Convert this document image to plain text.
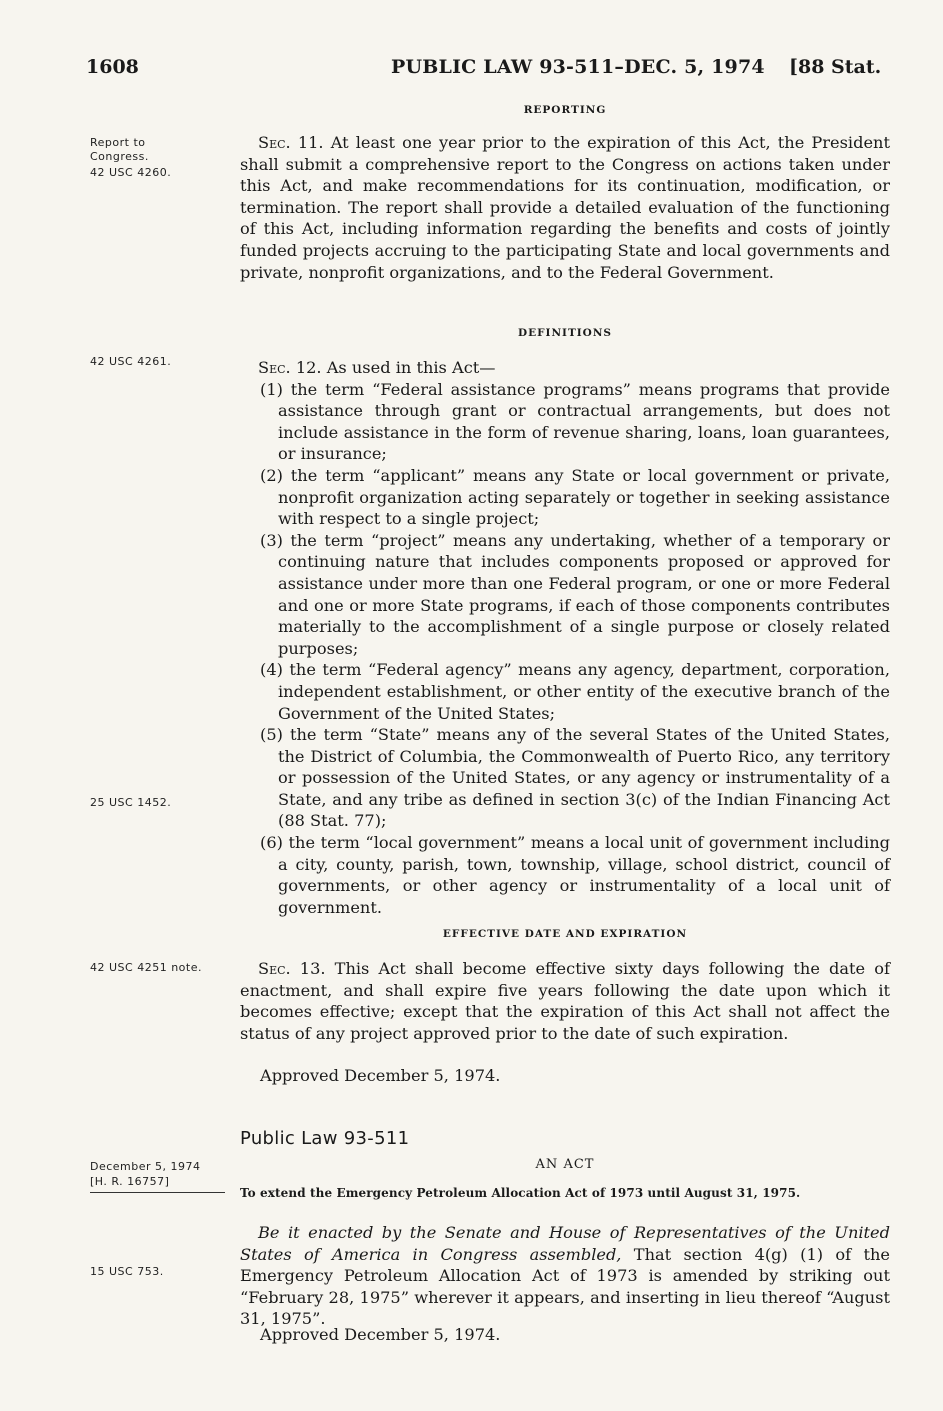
1608	PUBLIC LAW 93-511–DEC. 5, 1974 [88 Stat.
Report to Congress.
42 USC 4260.
REPORTING

Sec. 11. At least one year prior to the expiration of this Act, the President shall submit a comprehensive report to the Congress on actions taken under this Act, and make recommendations for its continuation, modification, or termination. The report shall provide a detailed evaluation of the functioning of this Act, including information regarding the benefits and costs of jointly funded projects accruing to the participating State and local governments and private, nonprofit organizations, and to the Federal Government.

DEFINITIONS
42 USC 4261.
25 USC 1452.

Sec. 12. As used in this Act—

(1) the term “Federal assistance programs” means programs that provide assistance through grant or contractual arrangements, but does not include assistance in the form of revenue sharing, loans, loan guarantees, or insurance;

(2) the term “applicant” means any State or local government or private, nonprofit organization acting separately or together in seeking assistance with respect to a single project;

(3) the term “project” means any undertaking, whether of a temporary or continuing nature that includes components proposed or approved for assistance under more than one Federal program, or one or more Federal and one or more State programs, if each of those components contributes materially to the accomplishment of a single purpose or closely related purposes;

(4) the term “Federal agency” means any agency, department, corporation, independent establishment, or other entity of the executive branch of the Government of the United States;

(5) the term “State” means any of the several States of the United States, the District of Columbia, the Commonwealth of Puerto Rico, any territory or possession of the United States, or any agency or instrumentality of a State, and any tribe as defined in section 3(c) of the Indian Financing Act (88 Stat. 77);

(6) the term “local government” means a local unit of government including a city, county, parish, town, township, village, school district, council of governments, or other agency or instrumentality of a local unit of government.

EFFECTIVE DATE AND EXPIRATION
42 USC 4251 note.	Sec. 13. This Act shall become effective sixty days following the date of enactment, and shall expire five years following the date upon which it becomes effective; except that the expiration of this Act shall not affect the status of any project approved prior to the date of such expiration.

Approved December 5, 1974.
Public Law 93-511
AN ACT
December 5, 1974
[H. R. 16757]
To extend the Emergency Petroleum Allocation Act of 1973 until August 31, 1975.
15 USC 753.

Be it enacted by the Senate and House of Representatives of the United States of America in Congress assembled, That section 4(g) (1) of the Emergency Petroleum Allocation Act of 1973 is amended by striking out “February 28, 1975” wherever it appears, and inserting in lieu thereof “August 31, 1975”.

Approved December 5, 1974.
